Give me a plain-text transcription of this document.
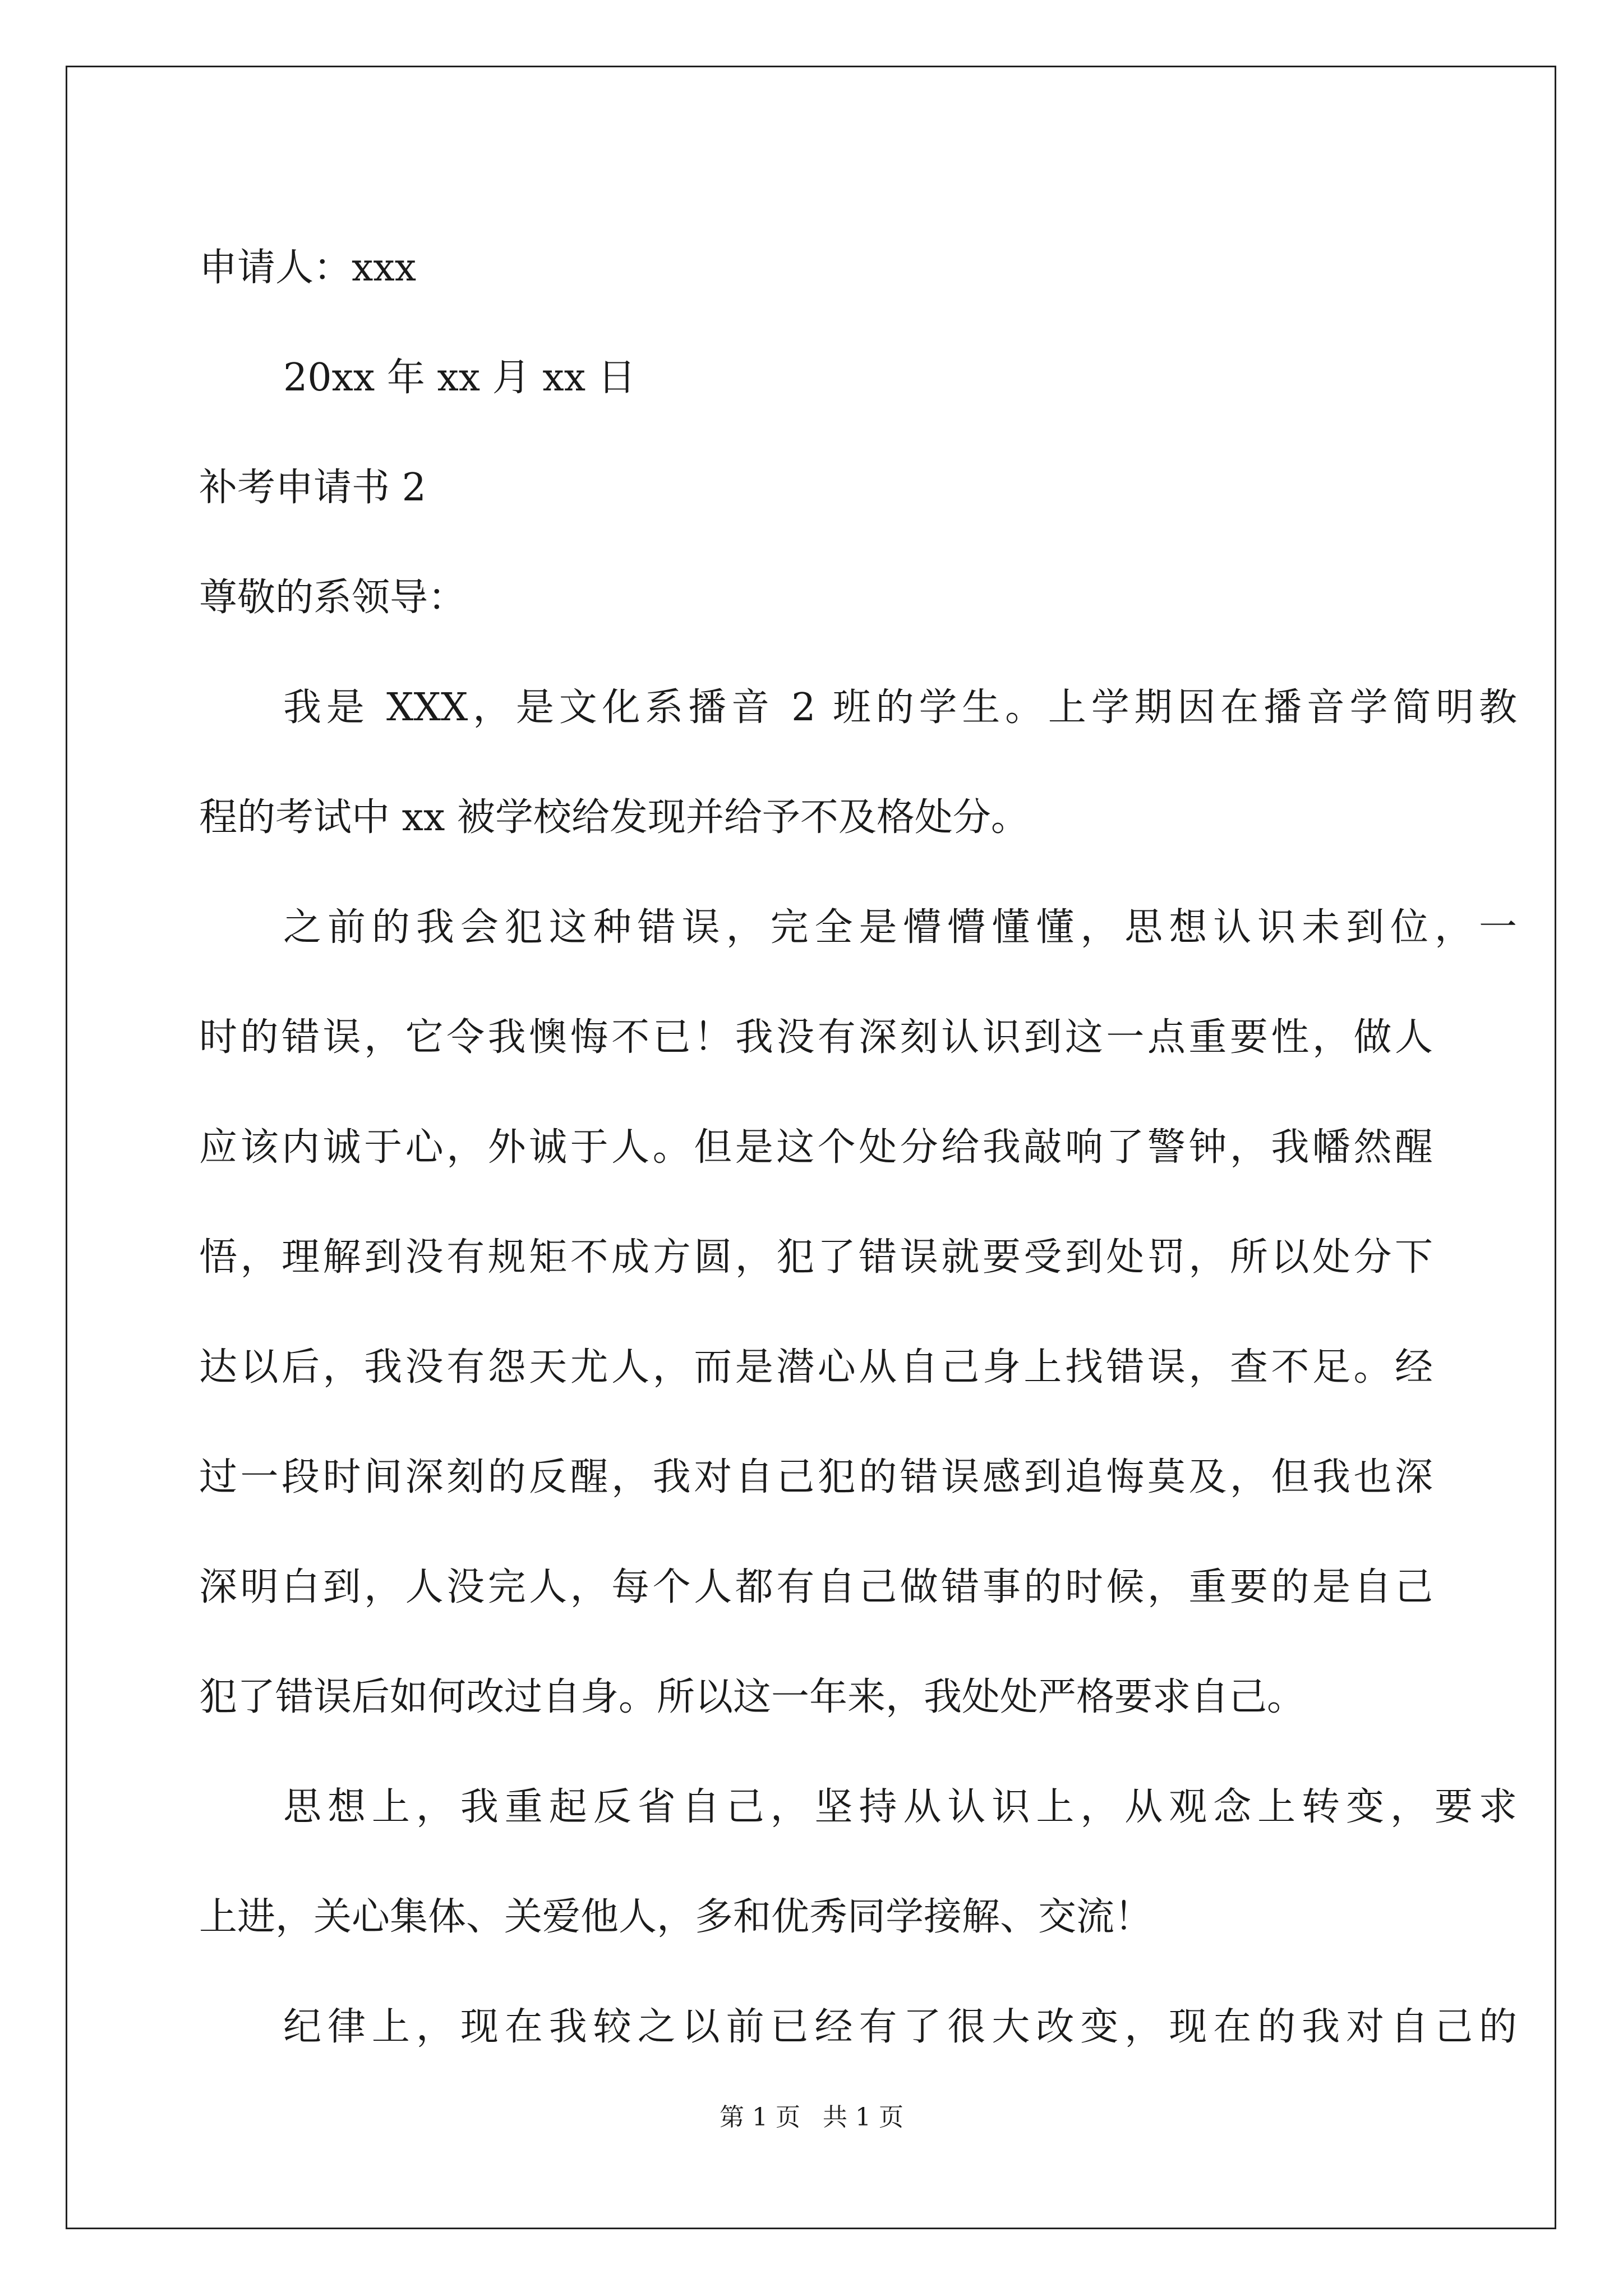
申请人：xxx

20xx 年 xx 月 xx 日

补考申请书 2

尊敬的系领导：

我是 XXX，是文化系播音 2 班的学生。上学期因在播音学简明教

程的考试中 xx 被学校给发现并给予不及格处分。

之前的我会犯这种错误，完全是懵懵懂懂，思想认识未到位，一

时的错误，它令我懊悔不已！我没有深刻认识到这一点重要性，做人

应该内诚于心，外诚于人。但是这个处分给我敲响了警钟，我幡然醒

悟，理解到没有规矩不成方圆，犯了错误就要受到处罚，所以处分下

达以后，我没有怨天尤人，而是潜心从自己身上找错误，查不足。经

过一段时间深刻的反醒，我对自己犯的错误感到追悔莫及，但我也深

深明白到，人没完人，每个人都有自己做错事的时候，重要的是自己

犯了错误后如何改过自身。所以这一年来，我处处严格要求自己。

思想上，我重起反省自己，坚持从认识上，从观念上转变，要求

上进，关心集体、关爱他人，多和优秀同学接解、交流！

纪律上，现在我较之以前已经有了很大改变，现在的我对自己的

第 1 页 共 1 页
